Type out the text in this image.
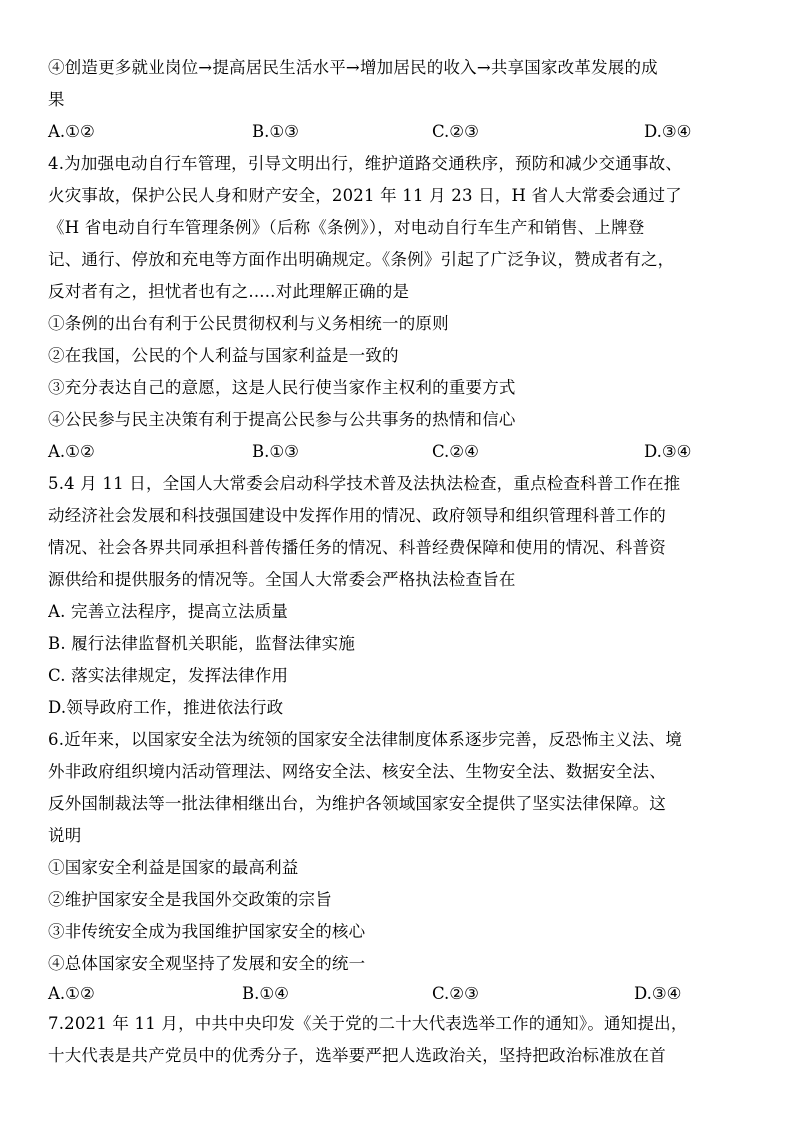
④创造更多就业岗位→提高居民生活水平→增加居民的收入→共享国家改革发展的成
果
A.①②	B.①③	C.②③	D.③④
4.为加强电动自行车管理，引导文明出行，维护道路交通秩序，预防和减少交通事故、
火灾事故，保护公民人身和财产安全，2021 年 11 月 23 日，H 省人大常委会通过了
《H 省电动自行车管理条例》（后称《条例》），对电动自行车生产和销售、上牌登
记、通行、停放和充电等方面作出明确规定。《条例》引起了广泛争议，赞成者有之，
反对者有之，担忧者也有之.....对此理解正确的是
①条例的出台有利于公民贯彻权利与义务相统一的原则
②在我国，公民的个人利益与国家利益是一致的
③充分表达自己的意愿，这是人民行使当家作主权利的重要方式
④公民参与民主决策有利于提高公民参与公共事务的热情和信心
A.①②	B.①③	C.②④	D.③④
5.4 月 11 日，全国人大常委会启动科学技术普及法执法检查，重点检查科普工作在推
动经济社会发展和科技强国建设中发挥作用的情况、政府领导和组织管理科普工作的
情况、社会各界共同承担科普传播任务的情况、科普经费保障和使用的情况、科普资
源供给和提供服务的情况等。全国人大常委会严格执法检查旨在
A. 完善立法程序，提高立法质量
B. 履行法律监督机关职能，监督法律实施
C. 落实法律规定，发挥法律作用
D.领导政府工作，推进依法行政
6.近年来，以国家安全法为统领的国家安全法律制度体系逐步完善，反恐怖主义法、境
外非政府组织境内活动管理法、网络安全法、核安全法、生物安全法、数据安全法、
反外国制裁法等一批法律相继出台，为维护各领域国家安全提供了坚实法律保障。这
说明
①国家安全利益是国家的最高利益
②维护国家安全是我国外交政策的宗旨
③非传统安全成为我国维护国家安全的核心
④总体国家安全观坚持了发展和安全的统一
A.①②	B.①④	C.②③	D.③④
7.2021 年 11 月，中共中央印发《关于党的二十大代表选举工作的通知》。通知提出，
十大代表是共产党员中的优秀分子，选举要严把人选政治关，坚持把政治标准放在首
